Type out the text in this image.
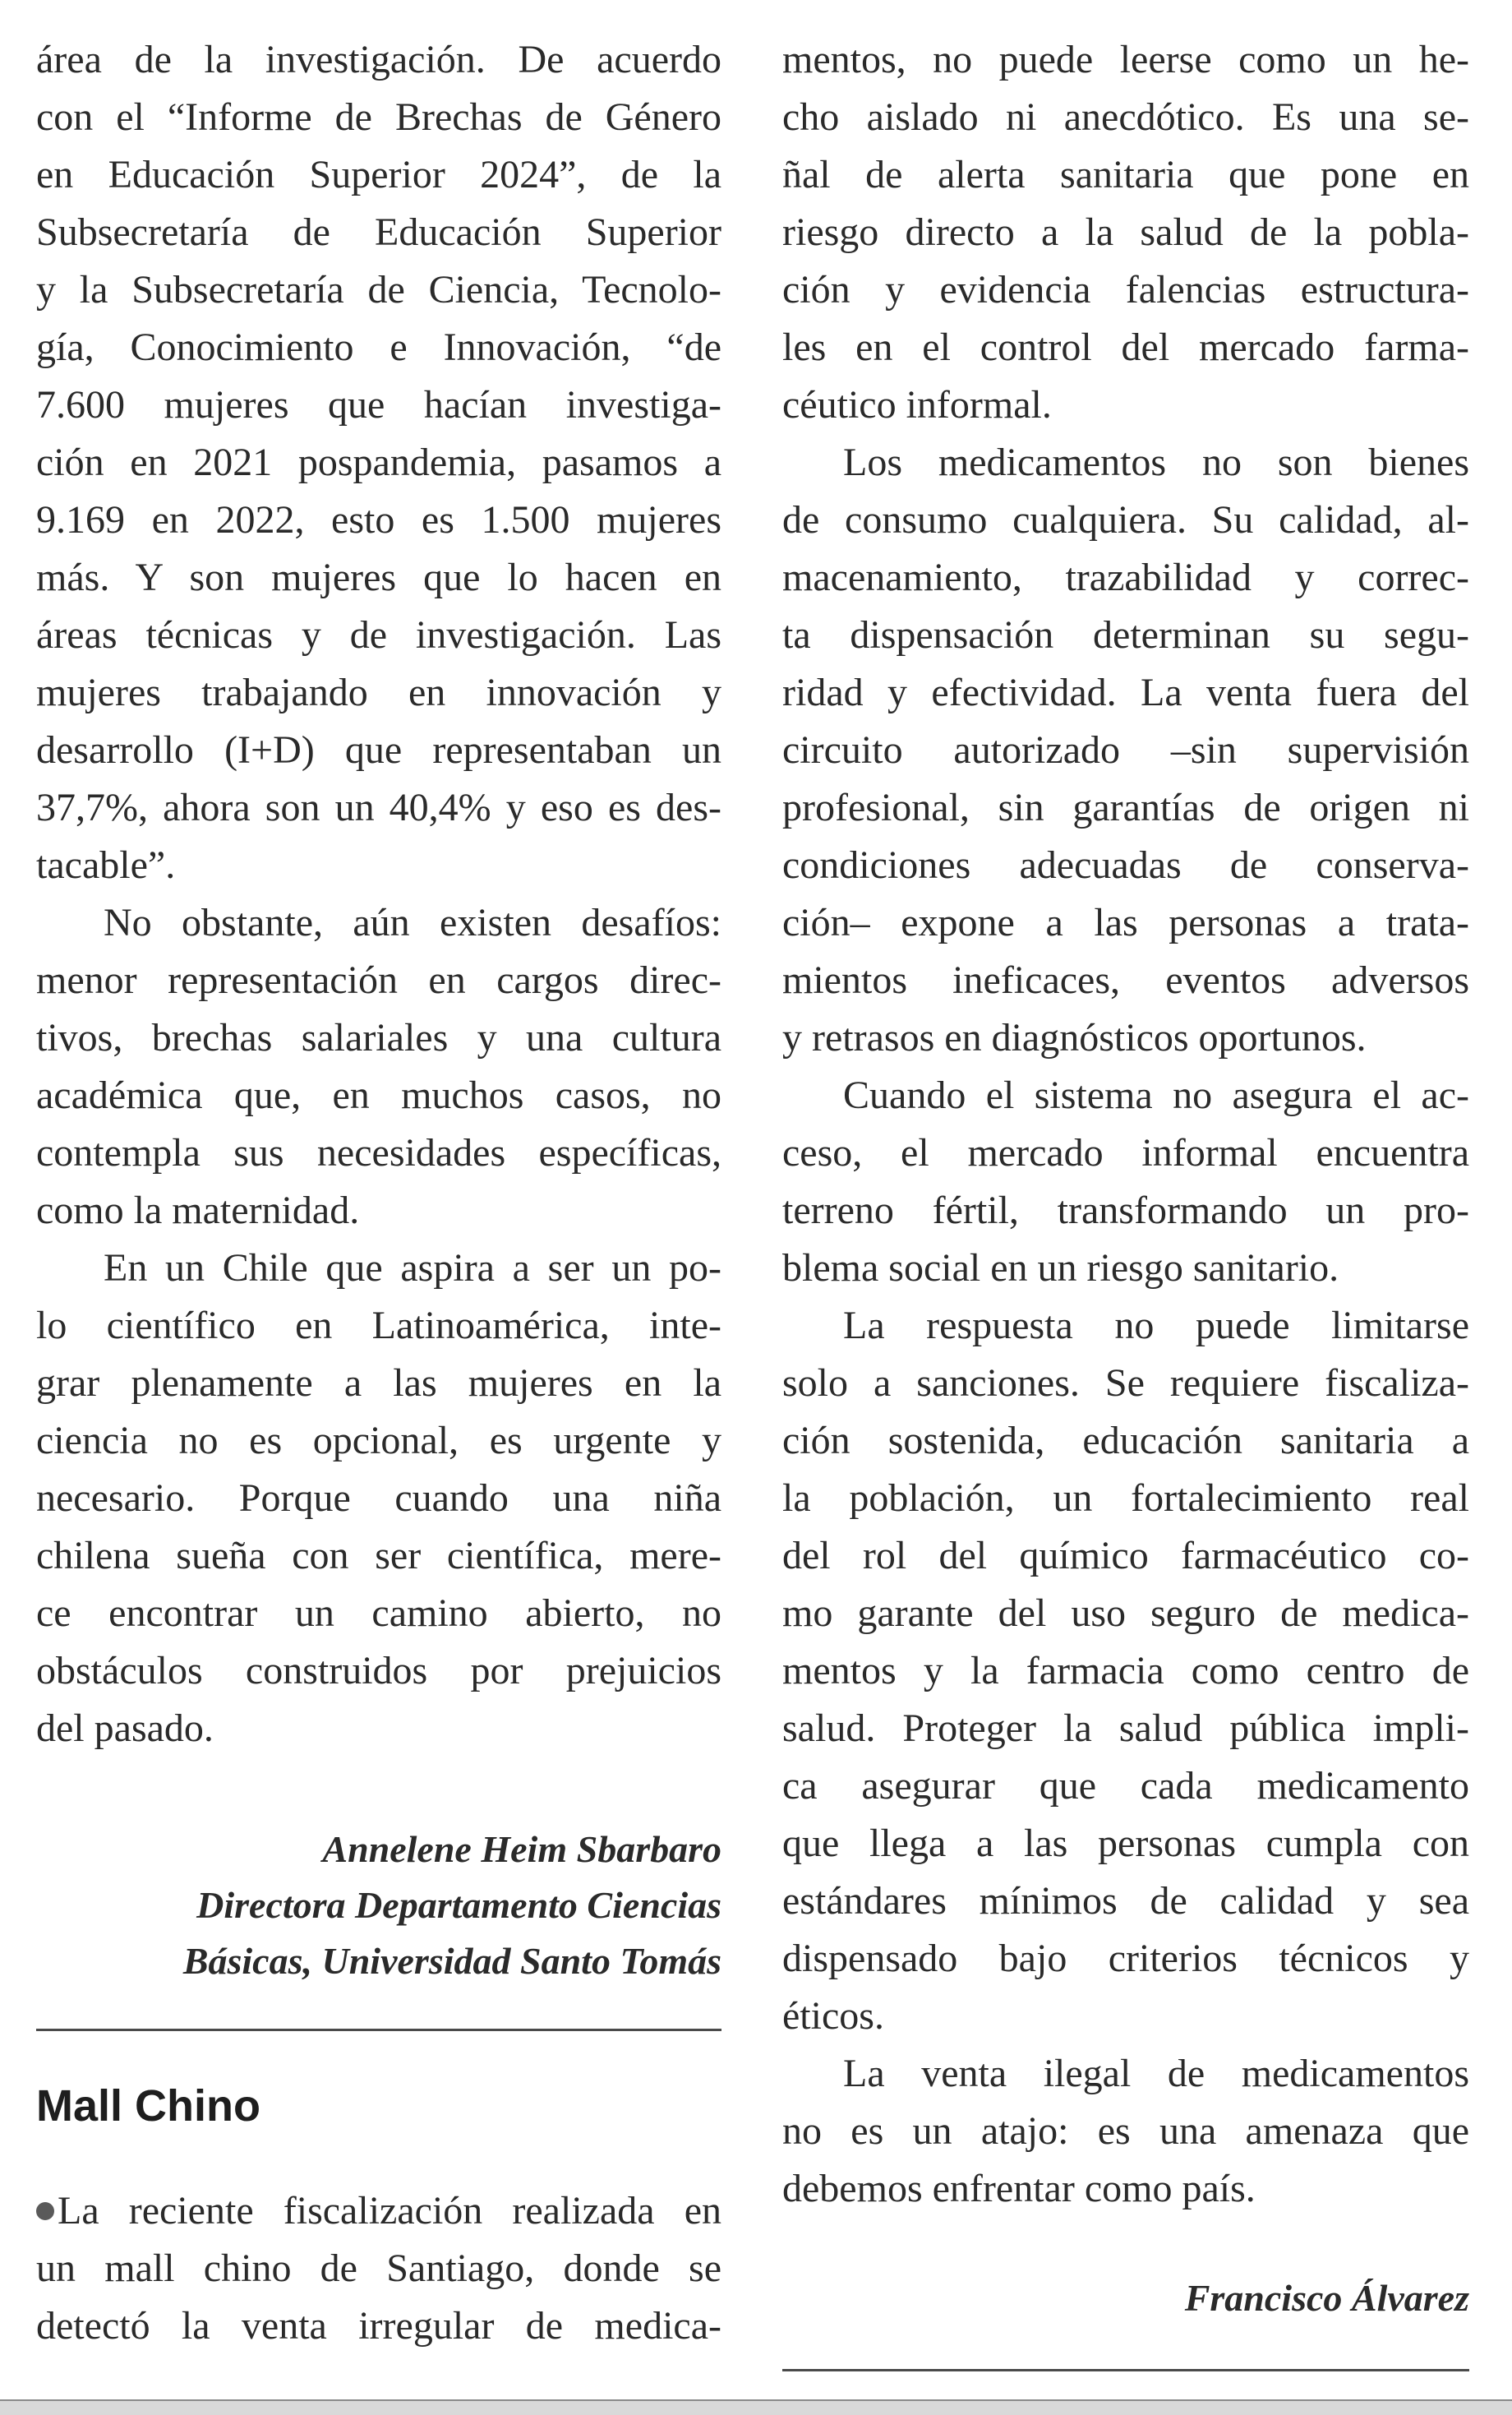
área de la investigación. De acuerdo
con el “Informe de Brechas de Género
en Educación Superior 2024”, de la
Subsecretaría de Educación Superior
y la Subsecretaría de Ciencia, Tecnolo-
gía, Conocimiento e Innovación, “de
7.600 mujeres que hacían investiga-
ción en 2021 pospandemia, pasamos a
9.169 en 2022, esto es 1.500 mujeres
más. Y son mujeres que lo hacen en
áreas técnicas y de investigación. Las
mujeres trabajando en innovación y
desarrollo (I+D) que representaban un
37,7%, ahora son un 40,4% y eso es des-
tacable”.
No obstante, aún existen desafíos:
menor representación en cargos direc-
tivos, brechas salariales y una cultura
académica que, en muchos casos, no
contempla sus necesidades específicas,
como la maternidad.
En un Chile que aspira a ser un po-
lo científico en Latinoamérica, inte-
grar plenamente a las mujeres en la
ciencia no es opcional, es urgente y
necesario. Porque cuando una niña
chilena sueña con ser científica, mere-
ce encontrar un camino abierto, no
obstáculos construidos por prejuicios
del pasado.
Annelene Heim Sbarbaro
Directora Departamento Ciencias
Básicas, Universidad Santo Tomás
Mall Chino
La reciente fiscalización realizada en
un mall chino de Santiago, donde se
detectó la venta irregular de medica-
mentos, no puede leerse como un he-
cho aislado ni anecdótico. Es una se-
ñal de alerta sanitaria que pone en
riesgo directo a la salud de la pobla-
ción y evidencia falencias estructura-
les en el control del mercado farma-
céutico informal.
Los medicamentos no son bienes
de consumo cualquiera. Su calidad, al-
macenamiento, trazabilidad y correc-
ta dispensación determinan su segu-
ridad y efectividad. La venta fuera del
circuito autorizado –sin supervisión
profesional, sin garantías de origen ni
condiciones adecuadas de conserva-
ción– expone a las personas a trata-
mientos ineficaces, eventos adversos
y retrasos en diagnósticos oportunos.
Cuando el sistema no asegura el ac-
ceso, el mercado informal encuentra
terreno fértil, transformando un pro-
blema social en un riesgo sanitario.
La respuesta no puede limitarse
solo a sanciones. Se requiere fiscaliza-
ción sostenida, educación sanitaria a
la población, un fortalecimiento real
del rol del químico farmacéutico co-
mo garante del uso seguro de medica-
mentos y la farmacia como centro de
salud. Proteger la salud pública impli-
ca asegurar que cada medicamento
que llega a las personas cumpla con
estándares mínimos de calidad y sea
dispensado bajo criterios técnicos y
éticos.
La venta ilegal de medicamentos
no es un atajo: es una amenaza que
debemos enfrentar como país.
Francisco Álvarez
